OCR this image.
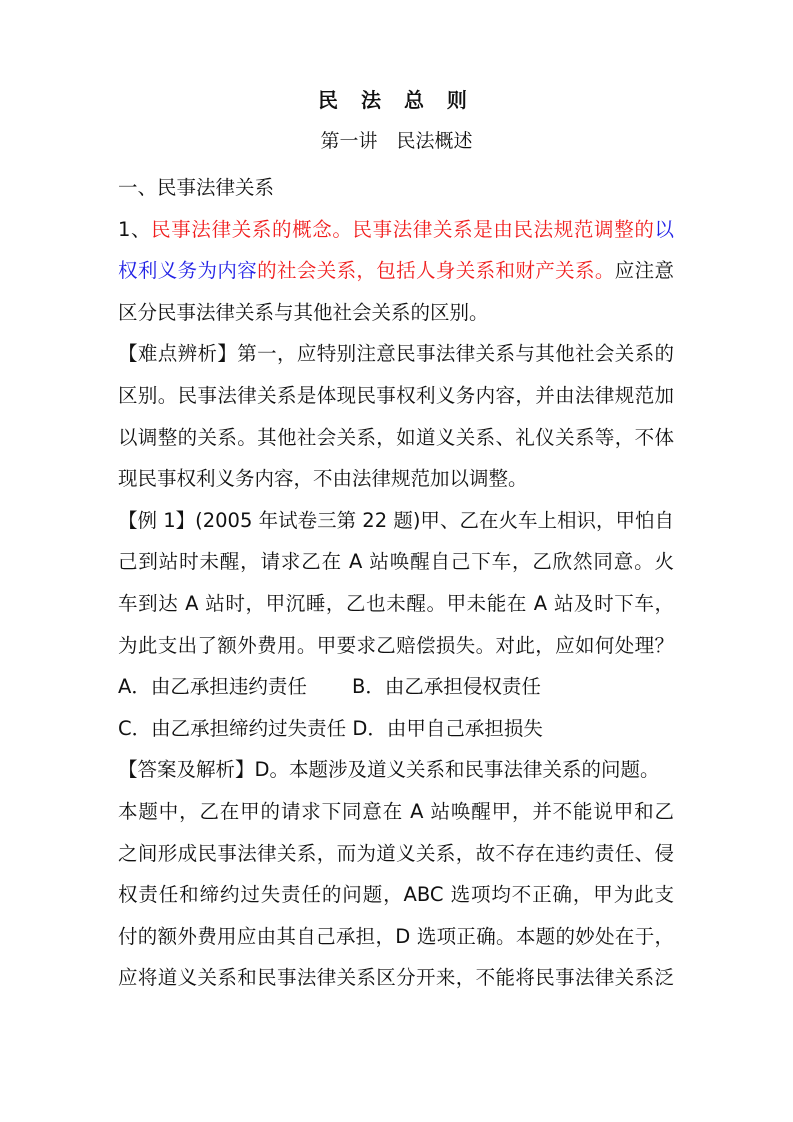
民 法 总 则
第一讲　民法概述
一、民事法律关系
1、民事法律关系的概念。民事法律关系是由民法规范调整的以
权利义务为内容的社会关系，包括人身关系和财产关系。应注意
区分民事法律关系与其他社会关系的区别。
【难点辨析】第一，应特别注意民事法律关系与其他社会关系的
区别。民事法律关系是体现民事权利义务内容，并由法律规范加
以调整的关系。其他社会关系，如道义关系、礼仪关系等，不体
现民事权利义务内容，不由法律规范加以调整。
【例 1】(2005 年试卷三第 22 题)甲、乙在火车上相识，甲怕自
己到站时未醒，请求乙在 A 站唤醒自己下车，乙欣然同意。火
车到达 A 站时，甲沉睡，乙也未醒。甲未能在 A 站及时下车，
为此支出了额外费用。甲要求乙赔偿损失。对此，应如何处理？
A．由乙承担违约责任　　 B．由乙承担侵权责任
C．由乙承担缔约过失责任 D．由甲自己承担损失
【答案及解析】D。本题涉及道义关系和民事法律关系的问题。
本题中，乙在甲的请求下同意在 A 站唤醒甲，并不能说甲和乙
之间形成民事法律关系，而为道义关系，故不存在违约责任、侵
权责任和缔约过失责任的问题，ABC 选项均不正确，甲为此支
付的额外费用应由其自己承担，D 选项正确。本题的妙处在于，
应将道义关系和民事法律关系区分开来，不能将民事法律关系泛
